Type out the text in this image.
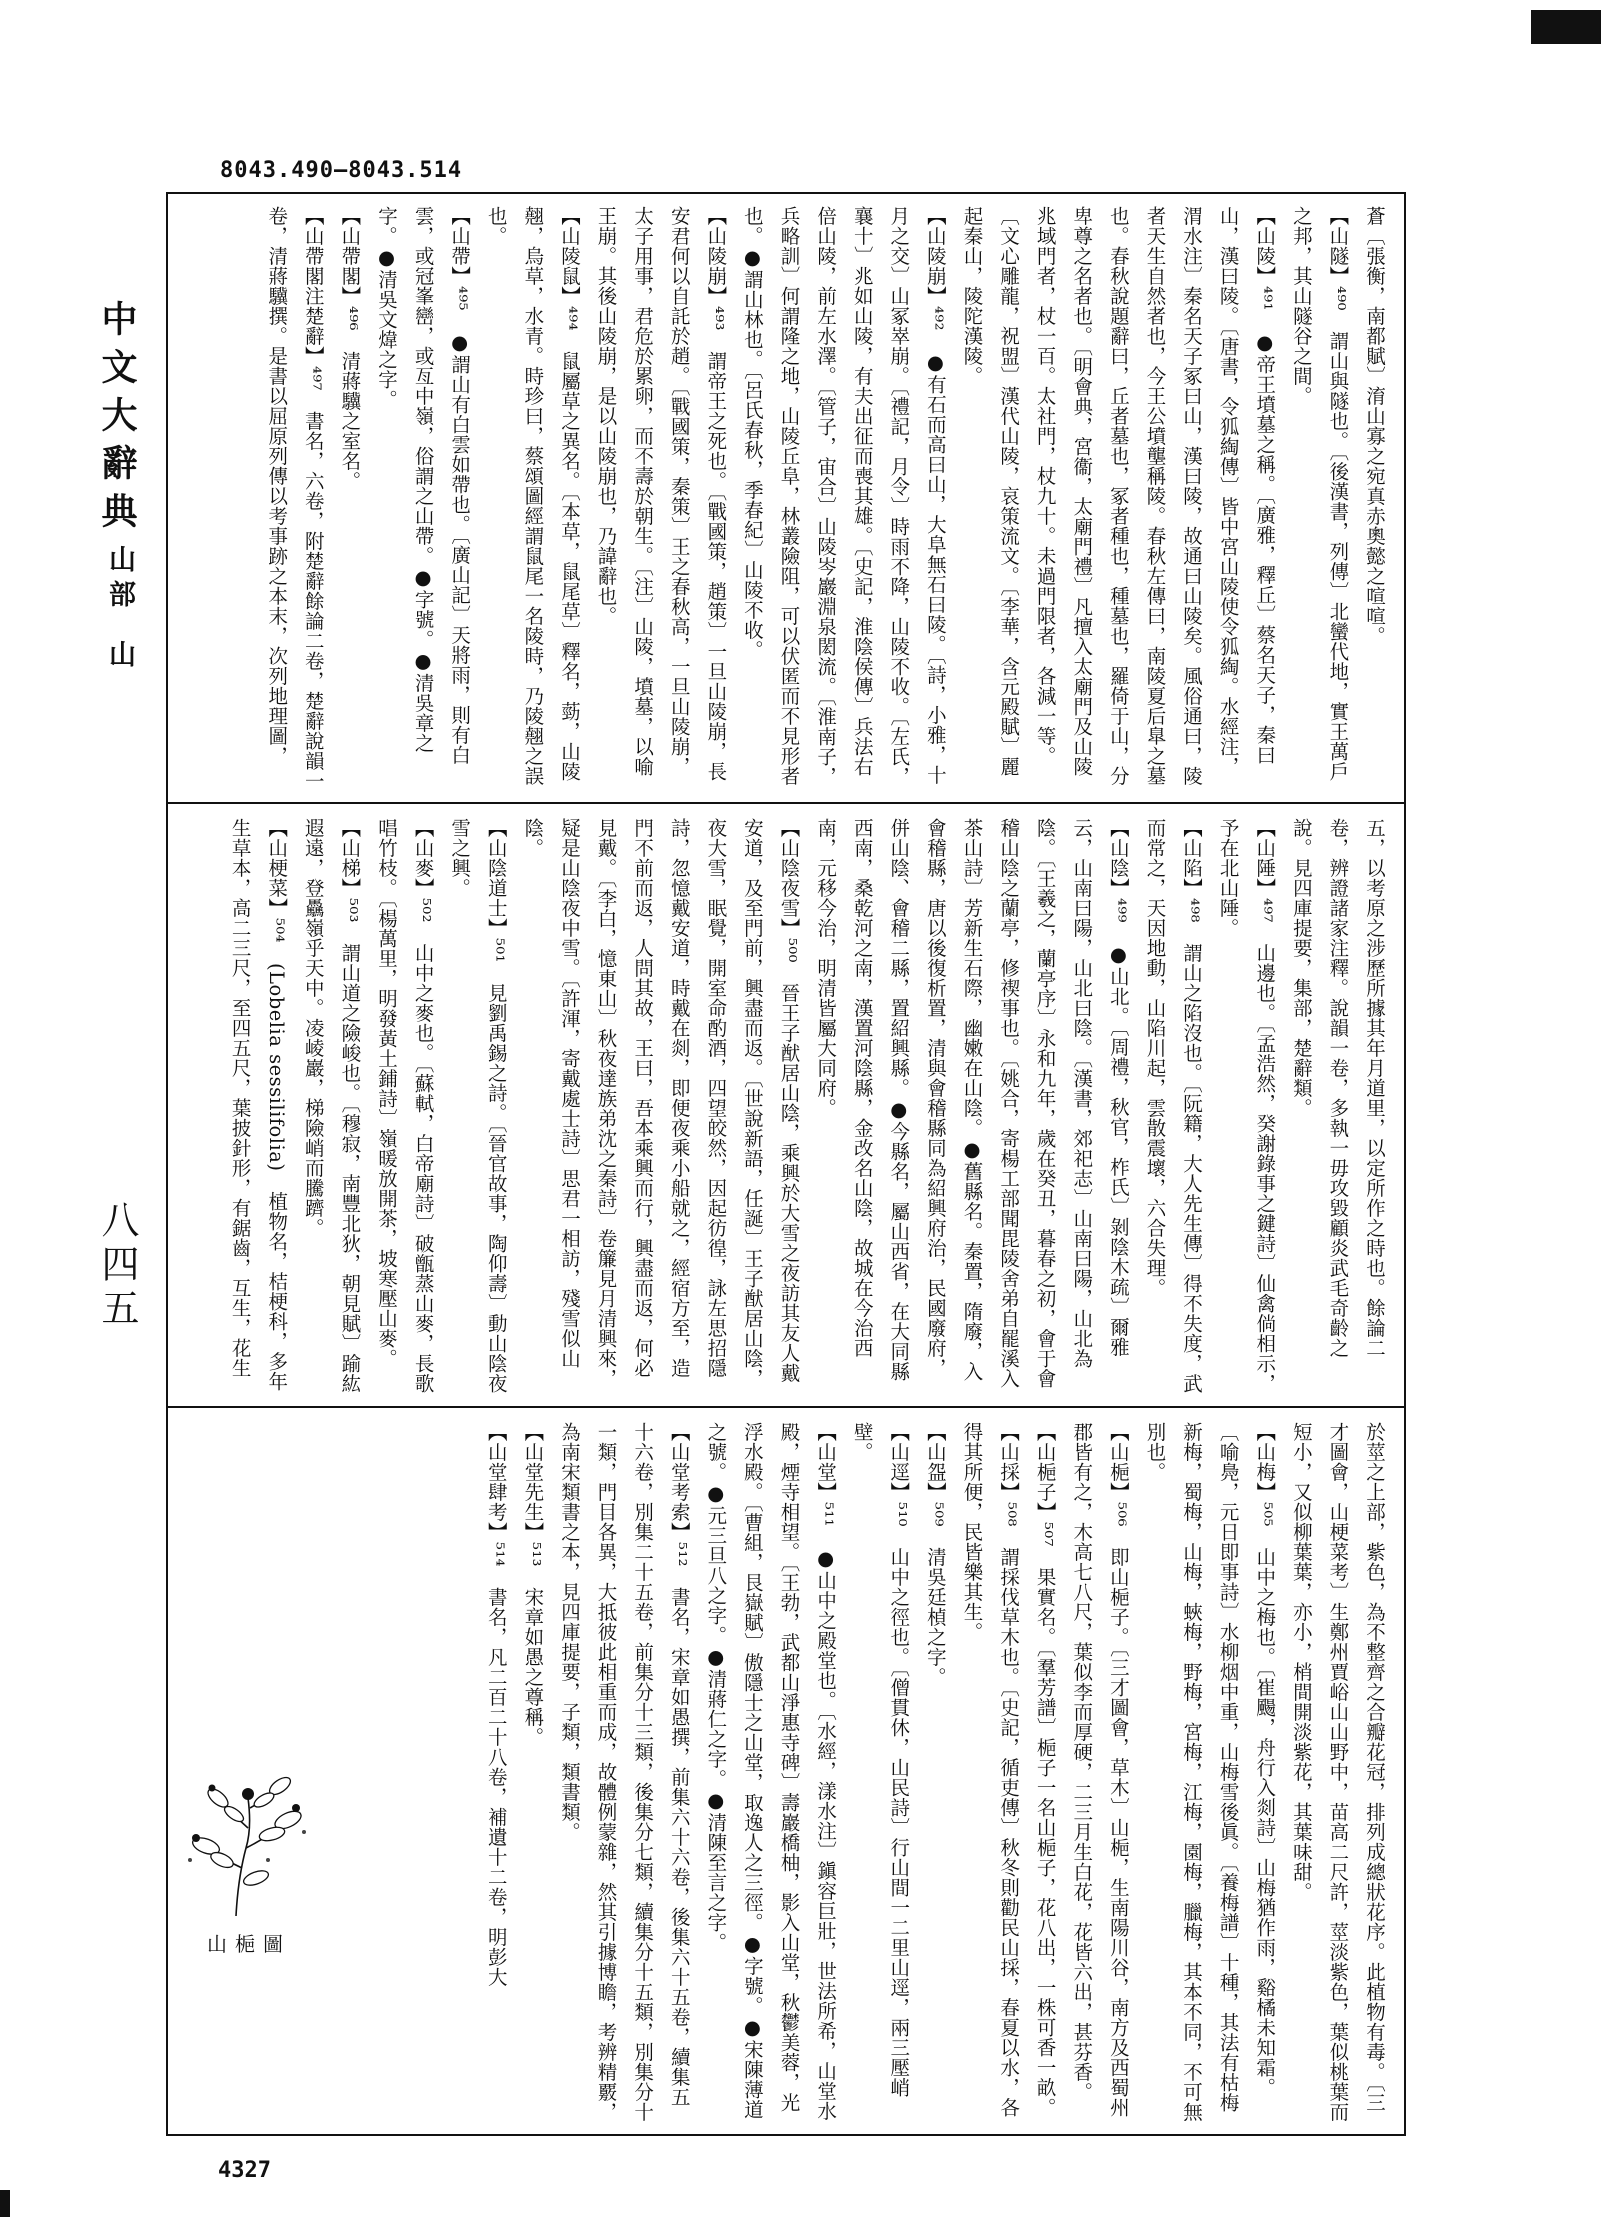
8043.490—8043.514
中文大辭典
山部
山
八四五

蒼〔張衡，南都賦〕淯山寡之宛真赤奧懿之喧喧。

【山隧】⁴⁹⁰　謂山與隧也。〔後漢書，列傳〕北蠻代地，實王萬戶之邦，其山隧谷之間。

【山陵】⁴⁹¹　●帝王墳墓之稱。〔廣雅，釋丘〕蔡名天子，秦曰山，漢曰陵。〔唐書，令狐綯傳〕皆中宮山陵使令狐綯。水經注，渭水注〕秦名天子冢曰山，漢曰陵，故通曰山陵矣。風俗通曰，陵者天生自然者也，今王公墳壟稱陵。春秋左傳曰，南陵夏后臯之墓也。春秋說題辭曰，丘者墓也，冢者種也，種墓也，羅倚于山，分卑尊之名者也。〔明會典，宮衞，太廟門禮〕凡擅入太廟門及山陵兆域門者，杖一百。太社門，杖九十。未過門限者，各減一等。〔文心雕龍，祝盟〕漢代山陵，哀策流文。〔李華，含元殿賦〕麗起秦山，陵陀漢陵。

【山陵崩】⁴⁹²　●有石而高曰山，大阜無石曰陵。〔詩，小雅，十月之交〕山冢崒崩。〔禮記，月令〕時雨不降，山陵不收。〔左氏，襄十〕兆如山陵，有夫出征而喪其雄。〔史記，淮陰侯傳〕兵法右倍山陵，前左水澤。〔管子，宙合〕山陵岑巖淵泉閎流。〔淮南子，兵略訓〕何謂隆之地，山陵丘阜，林叢險阻，可以伏匿而不見形者也。●謂山林也。〔呂氏春秋，季春紀〕山陵不收。

【山陵崩】⁴⁹³　謂帝王之死也。〔戰國策，趙策〕一旦山陵崩，長安君何以自託於趙。〔戰國策，秦策〕王之春秋高，一旦山陵崩，太子用事，君危於累卵，而不壽於朝生。〔注〕山陵，墳墓，以喻王崩。其後山陵崩，是以山陵崩也，乃諱辭也。

【山陵鼠】⁴⁹⁴　鼠屬草之異名。〔本草，鼠尾草〕釋名，葝，山陵翹，烏草，水青。時珍曰，蔡頌圖經謂鼠尾一名陵時，乃陵翹之誤也。

【山帶】⁴⁹⁵　●謂山有白雲如帶也。〔廣山記〕天將雨，則有白雲，或冠峯巒，或亙中嶺，俗謂之山帶。●字號。●清吳章之字。●清吳文煒之字。

【山帶閣】⁴⁹⁶　清蔣驥之室名。

【山帶閣注楚辭】⁴⁹⁷　書名，六卷，附楚辭餘論二卷，楚辭說韻一卷，清蔣驥撰。是書以屈原列傳以考事跡之本末，次列地理圖，

五，以考原之涉歷所據其年月道里，以定所作之時也。餘論二卷，辨證諸家注釋。說韻一卷，多執一毋攻毀顧炎武毛奇齡之說。見四庫提要，集部，楚辭類。

【山陲】⁴⁹⁷　山邊也。〔孟浩然，癸謝錄事之鍵詩〕仙禽倘相示，予在北山陲。

【山陷】⁴⁹⁸　謂山之陷沒也。〔阮籍，大人先生傳〕得不失度，武而常之，天因地動，山陷川起，雲散震壞，六合失理。

【山陰】⁴⁹⁹　●山北。〔周禮，秋官，柞氏〕剝陰木疏〕爾雅云，山南曰陽，山北曰陰。〔漢書，郊祀志〕山南曰陽，山北為陰。〔王羲之，蘭亭序〕永和九年，歲在癸丑，暮春之初，會于會稽山陰之蘭亭，修禊事也。〔姚合，寄楊工部聞毘陵舍弟自罷溪入茶山詩〕芳新生石際，幽嫩在山陰。●舊縣名。秦置，隋廢，入會稽縣，唐以後復析置，清與會稽縣同為紹興府治，民國廢府，併山陰、會稽二縣，置紹興縣。●今縣名，屬山西省，在大同縣西南，桑乾河之南，漢置河陰縣，金改名山陰，故城在今治西南，元移今治，明清皆屬大同府。

【山陰夜雪】⁵⁰⁰　晉王子猷居山陰，乘興於大雪之夜訪其友人戴安道，及至門前，興盡而返。〔世說新語，任誕〕王子猷居山陰，夜大雪，眠覺，開室命酌酒，四望皎然，因起彷徨，詠左思招隱詩，忽憶戴安道，時戴在剡，即便夜乘小船就之，經宿方至，造門不前而返，人問其故，王曰，吾本乘興而行，興盡而返，何必見戴。〔李白，憶東山〕秋夜達族弟沈之秦詩〕卷簾見月清興來，疑是山陰夜中雪。〔許渾，寄戴處士詩〕思君一相訪，殘雪似山陰。

【山陰道士】⁵⁰¹　見劉禹錫之詩。〔晉官故事，陶仰壽〕動山陰夜雪之興。

【山麥】⁵⁰²　山中之麥也。〔蘇軾，白帝廟詩〕破甑蒸山麥，長歌唱竹枝。〔楊萬里，明發黃土鋪詩〕嶺暖放開茶，坡寒壓山麥。

【山梯】⁵⁰³　謂山道之險峻也。〔穆寂，南豐北狄，朝見賦〕踰紘遐遠，登驫嶺乎天中。凌崚巖，梯險峭而騰躋。

【山梗菜】⁵⁰⁴　(Lobelia sessilifolia)　植物名，桔梗科，多年生草本，高二三尺，至四五尺，葉披針形，有鋸齒，互生，花生

於莖之上部，紫色，為不整齊之合瓣花冠，排列成總狀花序。此植物有毒。〔三才圖會，山梗菜考〕生鄭州賈峪山山野中，苗高二尺許，莖淡紫色，葉似桃葉而短小，又似柳葉葉，亦小，梢間開淡紫花，其葉味甜。

【山梅】⁵⁰⁵　山中之梅也。〔崔颺，舟行入剡詩〕山梅猶作雨，谿橘未知霜。〔喻鳧，元日即事詩〕水柳烟中重，山梅雪後眞。〔養梅譜〕十種，其法有枯梅新梅，蜀梅，山梅，蛺梅，野梅，宮梅，江梅，園梅，臘梅，其本不同，不可無別也。

【山梔】⁵⁰⁶　即山梔子。〔三才圖會，草木〕山梔，生南陽川谷，南方及西蜀州郡皆有之，木高七八尺，葉似李而厚硬，二三月生白花，花皆六出，甚芬香。

【山梔子】⁵⁰⁷　果實名。〔羣芳譜〕梔子一名山梔子，花八出，一株可香一畝。

【山採】⁵⁰⁸　謂採伐草木也。〔史記，循吏傳〕秋冬則勸民山採，春夏以水，各得其所便，民皆樂其生。

【山盌】⁵⁰⁹　清吳廷楨之字。

【山逕】⁵¹⁰　山中之徑也。〔僧貫休，山民詩〕行山間一二里山逕，兩三壓峭壁。

【山堂】⁵¹¹　●山中之殿堂也。〔水經，漾水注〕鎭容巨壯，世法所希，山堂水殿，煙寺相望。〔王勃，武都山淨惠寺碑〕壽巖橋柚，影入山堂，秋鬱美蓉，光浮水殿。〔曹組，艮嶽賦〕傲隱士之山堂，取逸人之三徑。●字號。●宋陳薄道之號。●元三旦八之字。●清蔣仁之字。●清陳至言之字。

【山堂考索】⁵¹²　書名，宋章如愚撰，前集六十六卷，後集六十五卷，續集五十六卷，別集二十五卷，前集分十三類，後集分七類，續集分十五類，別集分十一類，門目各異，大抵彼此相重而成，故體例蒙雜，然其引據博瞻，考辨精覈，為南宋類書之本，見四庫提要，子類，類書類。

【山堂先生】⁵¹³　宋章如愚之尊稱。

【山堂肆考】⁵¹⁴　書名，凡二百二十八卷，補遺十二卷，明彭大

山梔圖
4327
